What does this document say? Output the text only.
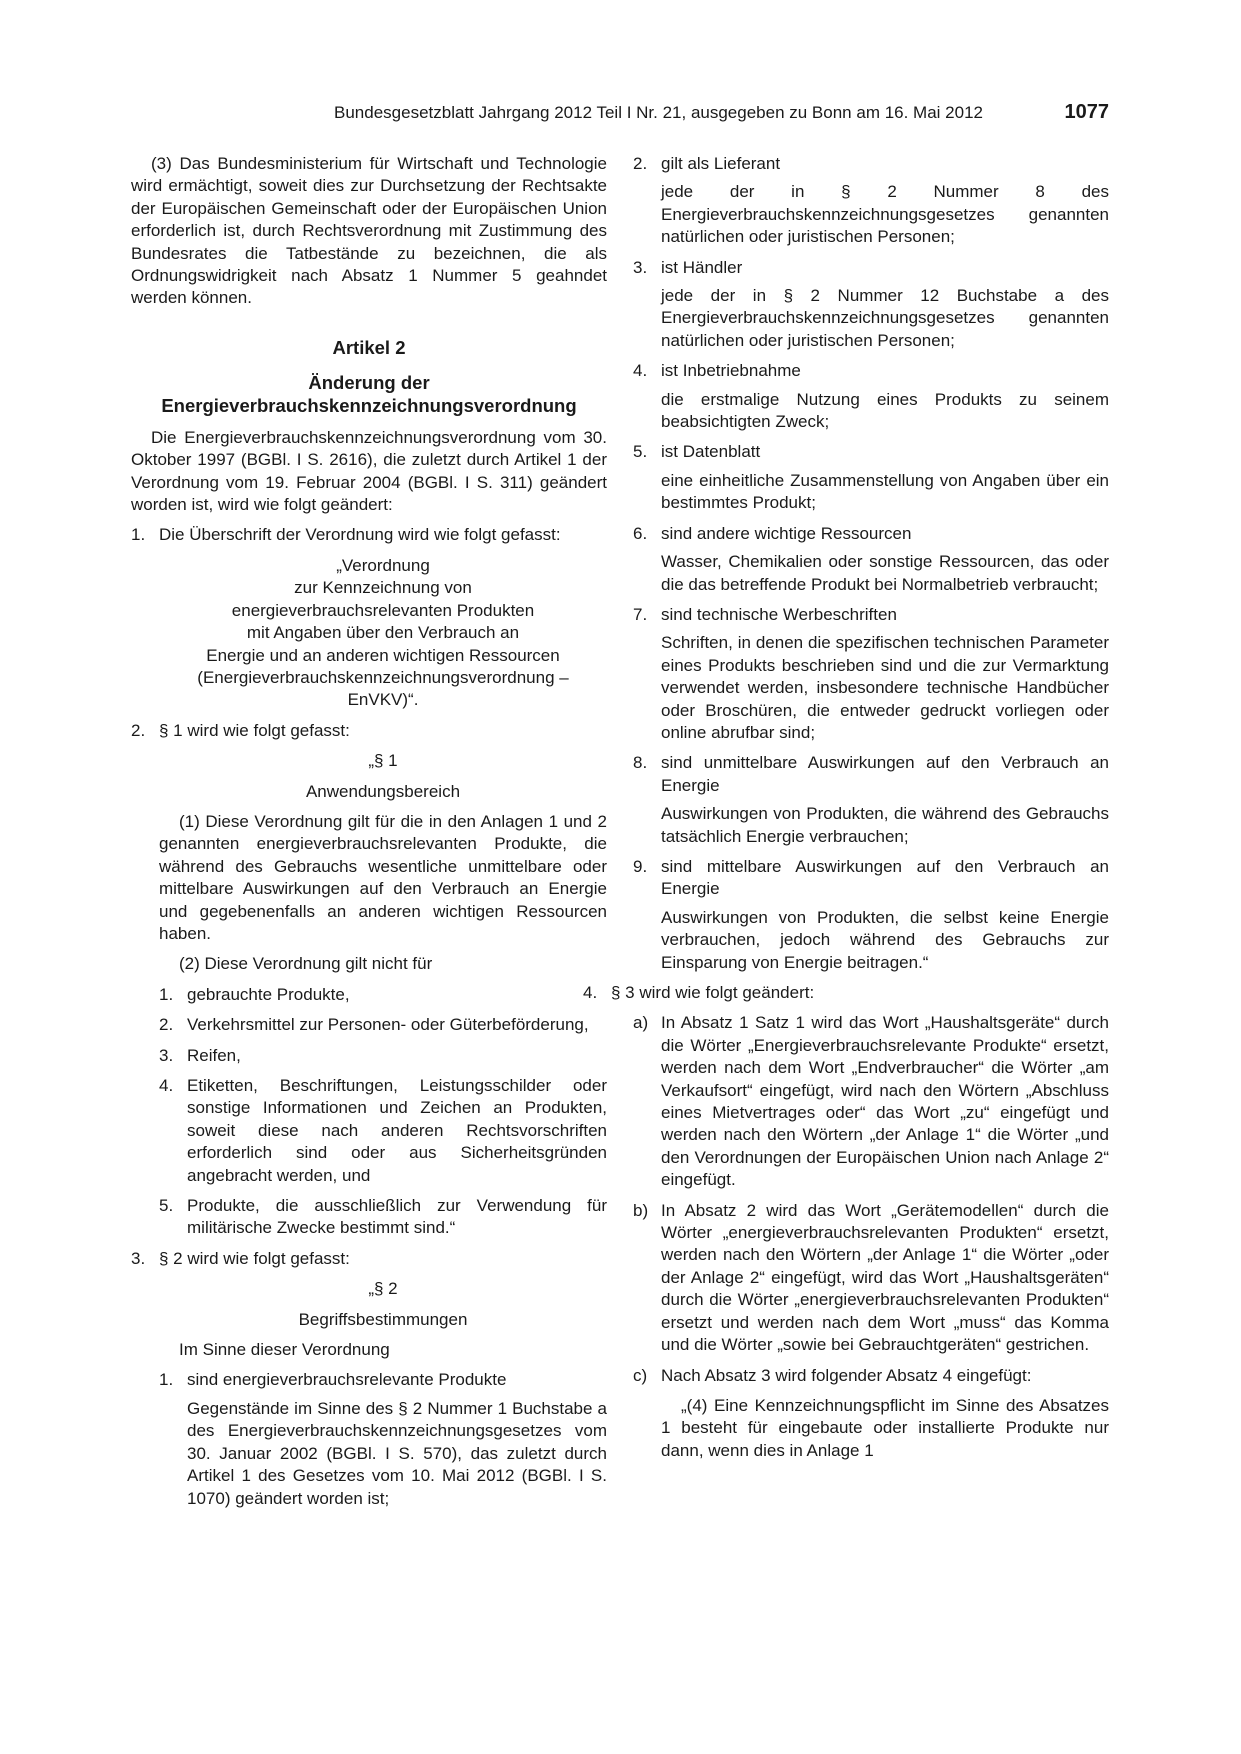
Bundesgesetzblatt Jahrgang 2012 Teil I Nr. 21, ausgegeben zu Bonn am 16. Mai 2012	1077

(3) Das Bundesministerium für Wirtschaft und Technologie wird ermächtigt, soweit dies zur Durchsetzung der Rechtsakte der Europäischen Gemeinschaft oder der Europäischen Union erforderlich ist, durch Rechtsverordnung mit Zustimmung des Bundesrates die Tatbestände zu bezeichnen, die als Ordnungswidrigkeit nach Absatz 1 Nummer 5 geahndet werden können.

Artikel 2

Änderung der
Energieverbrauchskennzeichnungsverordnung

Die Energieverbrauchskennzeichnungsverordnung vom 30. Oktober 1997 (BGBl. I S. 2616), die zuletzt durch Artikel 1 der Verordnung vom 19. Februar 2004 (BGBl. I S. 311) geändert worden ist, wird wie folgt geändert:

1. Die Überschrift der Verordnung wird wie folgt gefasst:
„Verordnung
zur Kennzeichnung von
energieverbrauchsrelevanten Produkten
mit Angaben über den Verbrauch an
Energie und an anderen wichtigen Ressourcen
(Energieverbrauchskennzeichnungsverordnung –
EnVKV)“.
2. § 1 wird wie folgt gefasst:

„§ 1

Anwendungsbereich

(1) Diese Verordnung gilt für die in den Anlagen 1 und 2 genannten energieverbrauchsrelevanten Produkte, die während des Gebrauchs wesentliche unmittelbare oder mittelbare Auswirkungen auf den Verbrauch an Energie und gegebenenfalls an anderen wichtigen Ressourcen haben.

(2) Diese Verordnung gilt nicht für

1. gebrauchte Produkte,
2. Verkehrsmittel zur Personen- oder Güterbeförderung,
3. Reifen,
4. Etiketten, Beschriftungen, Leistungsschilder oder sonstige Informationen und Zeichen an Produkten, soweit diese nach anderen Rechtsvorschriften erforderlich sind oder aus Sicherheitsgründen angebracht werden, und
5. Produkte, die ausschließlich zur Verwendung für militärische Zwecke bestimmt sind.“
3. § 2 wird wie folgt gefasst:

„§ 2

Begriffsbestimmungen

Im Sinne dieser Verordnung

1. sind energieverbrauchsrelevante Produkte
Gegenstände im Sinne des § 2 Nummer 1 Buchstabe a des Energieverbrauchskennzeichnungsgesetzes vom 30. Januar 2002 (BGBl. I S. 570), das zuletzt durch Artikel 1 des Gesetzes vom 10. Mai 2012 (BGBl. I S. 1070) geändert worden ist;
2. gilt als Lieferant
jede der in § 2 Nummer 8 des Energieverbrauchskennzeichnungsgesetzes genannten natürlichen oder juristischen Personen;
3. ist Händler
jede der in § 2 Nummer 12 Buchstabe a des Energieverbrauchskennzeichnungsgesetzes genannten natürlichen oder juristischen Personen;
4. ist Inbetriebnahme
die erstmalige Nutzung eines Produkts zu seinem beabsichtigten Zweck;
5. ist Datenblatt
eine einheitliche Zusammenstellung von Angaben über ein bestimmtes Produkt;
6. sind andere wichtige Ressourcen
Wasser, Chemikalien oder sonstige Ressourcen, das oder die das betreffende Produkt bei Normalbetrieb verbraucht;
7. sind technische Werbeschriften
Schriften, in denen die spezifischen technischen Parameter eines Produkts beschrieben sind und die zur Vermarktung verwendet werden, insbesondere technische Handbücher oder Broschüren, die entweder gedruckt vorliegen oder online abrufbar sind;
8. sind unmittelbare Auswirkungen auf den Verbrauch an Energie
Auswirkungen von Produkten, die während des Gebrauchs tatsächlich Energie verbrauchen;
9. sind mittelbare Auswirkungen auf den Verbrauch an Energie
Auswirkungen von Produkten, die selbst keine Energie verbrauchen, jedoch während des Gebrauchs zur Einsparung von Energie beitragen.“
4. § 3 wird wie folgt geändert:
a) In Absatz 1 Satz 1 wird das Wort „Haushaltsgeräte“ durch die Wörter „Energieverbrauchsrelevante Produkte“ ersetzt, werden nach dem Wort „Endverbraucher“ die Wörter „am Verkaufsort“ eingefügt, wird nach den Wörtern „Abschluss eines Mietvertrages oder“ das Wort „zu“ eingefügt und werden nach den Wörtern „der Anlage 1“ die Wörter „und den Verordnungen der Europäischen Union nach Anlage 2“ eingefügt.
b) In Absatz 2 wird das Wort „Gerätemodellen“ durch die Wörter „energieverbrauchsrelevanten Produkten“ ersetzt, werden nach den Wörtern „der Anlage 1“ die Wörter „oder der Anlage 2“ eingefügt, wird das Wort „Haushaltsgeräten“ durch die Wörter „energieverbrauchsrelevanten Produkten“ ersetzt und werden nach dem Wort „muss“ das Komma und die Wörter „sowie bei Gebrauchtgeräten“ gestrichen.
c) Nach Absatz 3 wird folgender Absatz 4 eingefügt:
„(4) Eine Kennzeichnungspflicht im Sinne des Absatzes 1 besteht für eingebaute oder installierte Produkte nur dann, wenn dies in Anlage 1
